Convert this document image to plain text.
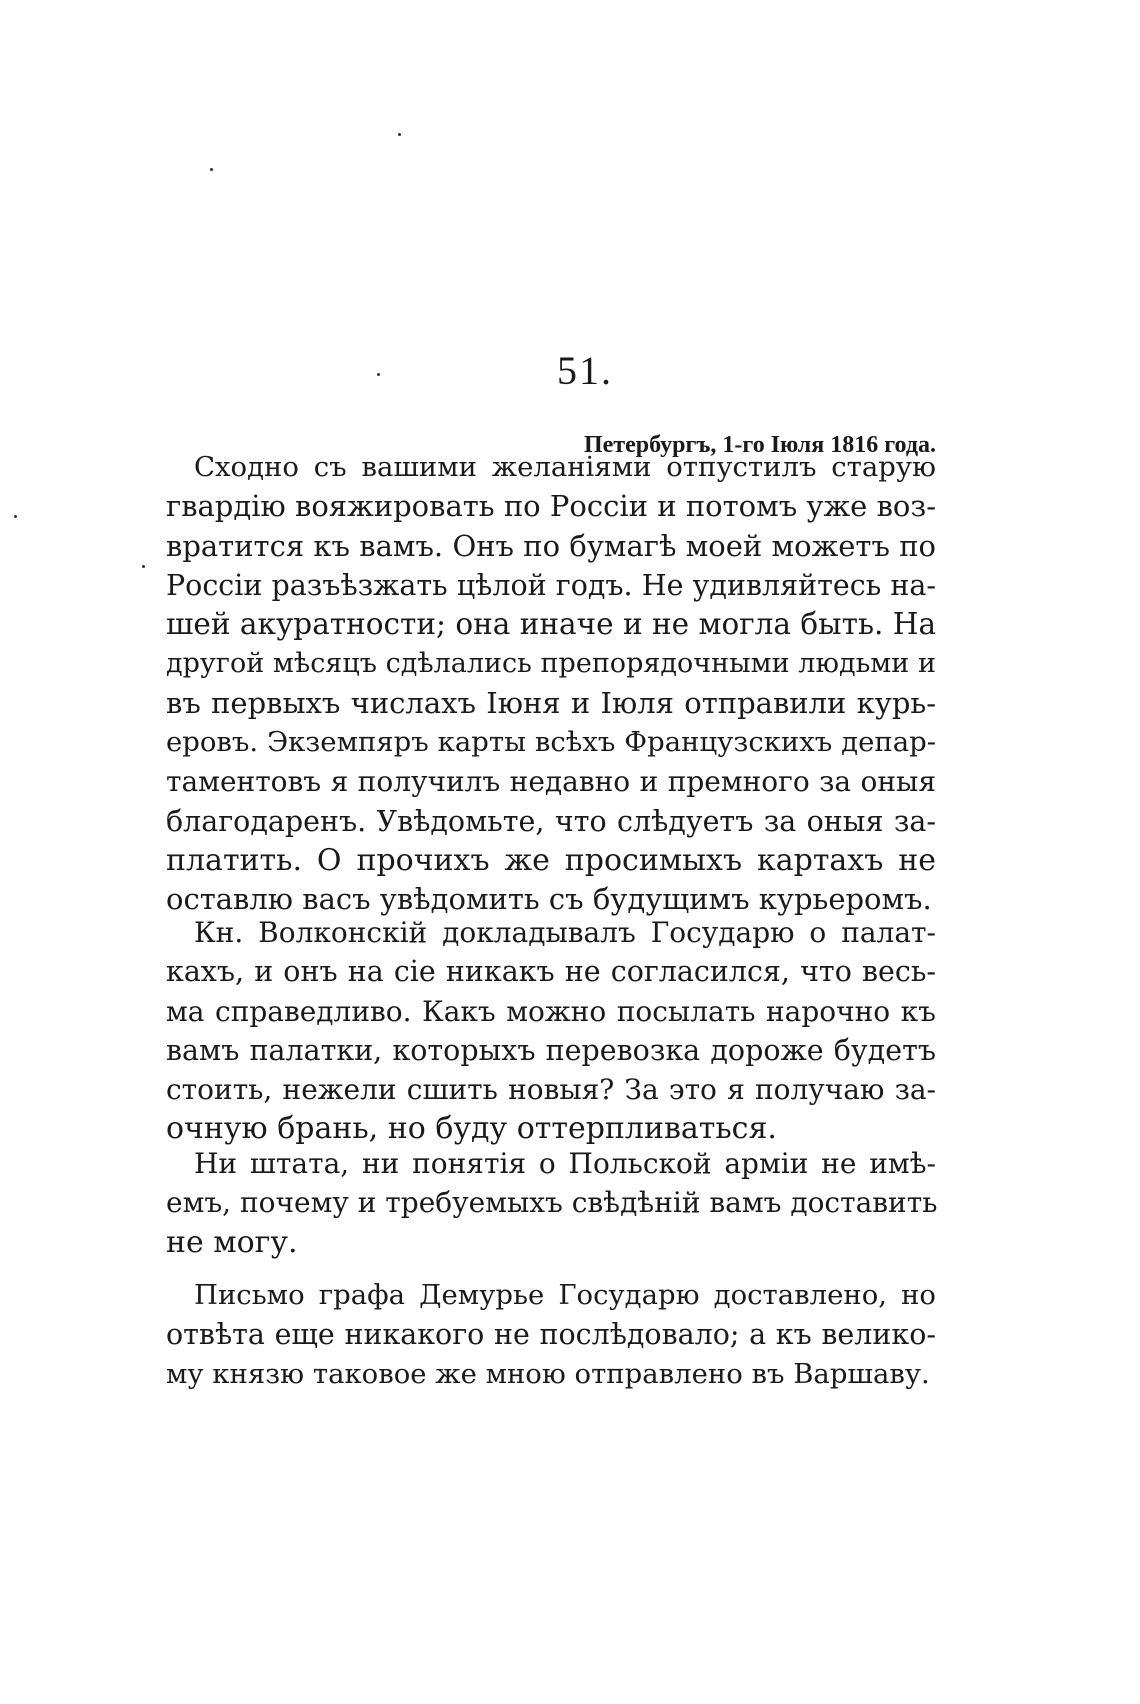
51.
Петербургъ, 1-го Іюля 1816 года.
Сходно съ вашими желаніями отпустилъ старую
гвардію вояжировать по Россіи и потомъ уже воз-
вратится къ вамъ. Онъ по бумагѣ моей можетъ по
Россіи разъѣзжать цѣлой годъ. Не удивляйтесь на-
шей акуратности; она иначе и не могла быть. На
другой мѣсяцъ сдѣлались препорядочными людьми и
въ первыхъ числахъ Іюня и Іюля отправили курь-
еровъ. Экземпяръ карты всѣхъ Французскихъ депар-
таментовъ я получилъ недавно и премного за оныя
благодаренъ. Увѣдомьте, что слѣдуетъ за оныя за-
платить. О прочихъ же просимыхъ картахъ не
оставлю васъ увѣдомить съ будущимъ курьеромъ.
Кн. Волконскій докладывалъ Государю о палат-
кахъ, и онъ на сіе никакъ не согласился, что весь-
ма справедливо. Какъ можно посылать нарочно къ
вамъ палатки, которыхъ перевозка дороже будетъ
стоить, нежели сшить новыя? За это я получаю за-
очную брань, но буду оттерпливаться.
Ни штата, ни понятія о Польской арміи не имѣ-
емъ, почему и требуемыхъ свѣдѣній вамъ доставить
не могу.
Письмо графа Демурье Государю доставлено, но
отвѣта еще никакого не послѣдовало; а къ велико-
му князю таковое же мною отправлено въ Варшаву.
